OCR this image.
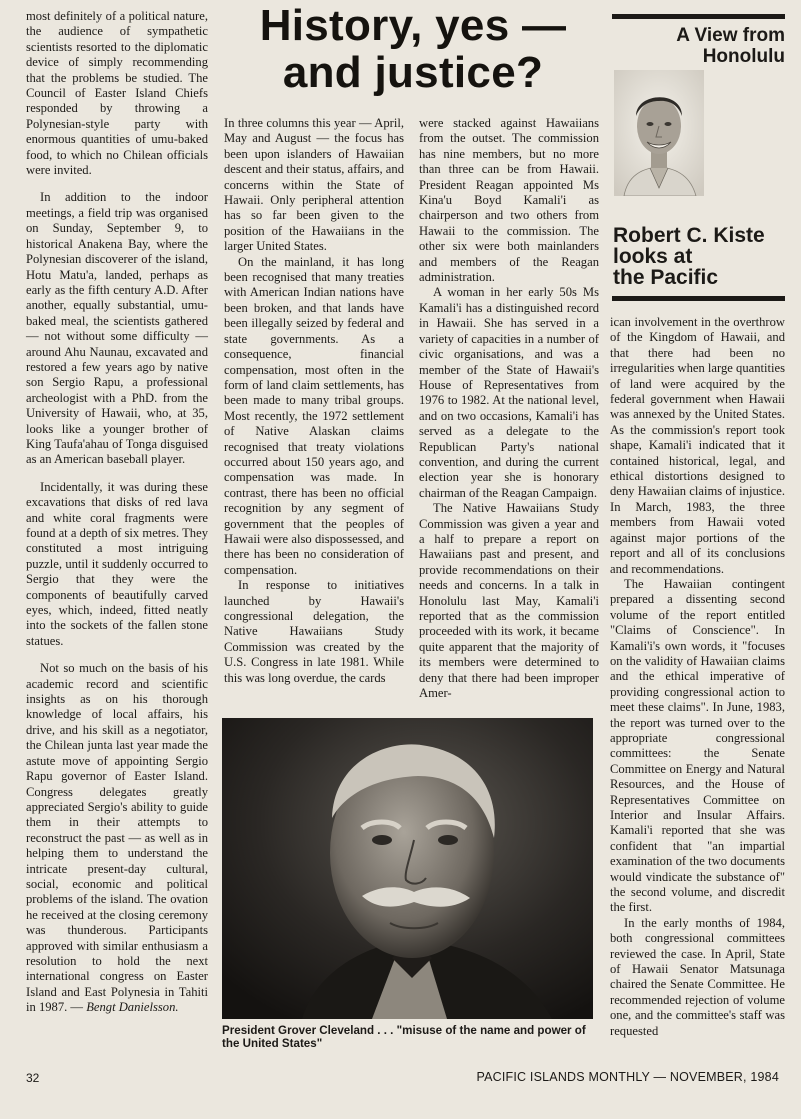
most definitely of a political nature, the audience of sympathetic scientists resorted to the diplomatic device of simply recommending that the problems be studied. The Council of Easter Island Chiefs responded by throwing a Polynesian-style party with enormous quantities of umu-baked food, to which no Chilean officials were invited.

In addition to the indoor meetings, a field trip was organised on Sunday, September 9, to historical Anakena Bay, where the Polynesian discoverer of the island, Hotu Matu'a, landed, perhaps as early as the fifth century A.D. After another, equally substantial, umu-baked meal, the scientists gathered — not without some difficulty — around Ahu Naunau, excavated and restored a few years ago by native son Sergio Rapu, a professional archeologist with a PhD. from the University of Hawaii, who, at 35, looks like a younger brother of King Taufa'ahau of Tonga disguised as an American baseball player.

Incidentally, it was during these excavations that disks of red lava and white coral fragments were found at a depth of six metres. They constituted a most intriguing puzzle, until it suddenly occurred to Sergio that they were the components of beautifully carved eyes, which, indeed, fitted neatly into the sockets of the fallen stone statues.

Not so much on the basis of his academic record and scientific insights as on his thorough knowledge of local affairs, his drive, and his skill as a negotiator, the Chilean junta last year made the astute move of appointing Sergio Rapu governor of Easter Island. Congress delegates greatly appreciated Sergio's ability to guide them in their attempts to reconstruct the past — as well as in helping them to understand the intricate present-day cultural, social, economic and political problems of the island. The ovation he received at the closing ceremony was thunderous. Participants approved with similar enthusiasm a resolution to hold the next international congress on Easter Island and East Polynesia in Tahiti in 1987. — Bengt Danielsson.

History, yes —
and justice?

In three columns this year — April, May and August — the focus has been upon islanders of Hawaiian descent and their status, affairs, and concerns within the State of Hawaii. Only peripheral attention has so far been given to the position of the Hawaiians in the larger United States.

On the mainland, it has long been recognised that many treaties with American Indian nations have been broken, and that lands have been illegally seized by federal and state governments. As a consequence, financial compensation, most often in the form of land claim settlements, has been made to many tribal groups. Most recently, the 1972 settlement of Native Alaskan claims recognised that treaty violations occurred about 150 years ago, and compensation was made. In contrast, there has been no official recognition by any segment of government that the peoples of Hawaii were also dispossessed, and there has been no consideration of compensation.

In response to initiatives launched by Hawaii's congressional delegation, the Native Hawaiians Study Commission was created by the U.S. Congress in late 1981. While this was long overdue, the cards

were stacked against Hawaiians from the outset. The commission has nine members, but no more than three can be from Hawaii. President Reagan appointed Ms Kina'u Boyd Kamali'i as chairperson and two others from Hawaii to the commission. The other six were both mainlanders and members of the Reagan administration.

A woman in her early 50s Ms Kamali'i has a distinguished record in Hawaii. She has served in a variety of capacities in a number of civic organisations, and was a member of the State of Hawaii's House of Representatives from 1976 to 1982. At the national level, and on two occasions, Kamali'i has served as a delegate to the Republican Party's national convention, and during the current election year she is honorary chairman of the Reagan Campaign.

The Native Hawaiians Study Commission was given a year and a half to prepare a report on Hawaiians past and present, and provide recommendations on their needs and concerns. In a talk in Honolulu last May, Kamali'i reported that as the commission proceeded with its work, it became quite apparent that the majority of its members were determined to deny that there had been improper Amer-

A View from
Honolulu
Robert C. Kiste
looks at
the Pacific

ican involvement in the overthrow of the Kingdom of Hawaii, and that there had been no irregularities when large quantities of land were acquired by the federal government when Hawaii was annexed by the United States. As the commission's report took shape, Kamali'i indicated that it contained historical, legal, and ethical distortions designed to deny Hawaiian claims of injustice. In March, 1983, the three members from Hawaii voted against major portions of the report and all of its conclusions and recommendations.

The Hawaiian contingent prepared a dissenting second volume of the report entitled "Claims of Conscience". In Kamali'i's own words, it "focuses on the validity of Hawaiian claims and the ethical imperative of providing congressional action to meet these claims". In June, 1983, the report was turned over to the appropriate congressional committees: the Senate Committee on Energy and Natural Resources, and the House of Representatives Committee on Interior and Insular Affairs. Kamali'i reported that she was confident that "an impartial examination of the two documents would vindicate the substance of" the second volume, and discredit the first.

In the early months of 1984, both congressional committees reviewed the case. In April, State of Hawaii Senator Matsunaga chaired the Senate Committee. He recommended rejection of volume one, and the committee's staff was requested

President Grover Cleveland . . . "misuse of the name and power of the United States"
32	PACIFIC ISLANDS MONTHLY — NOVEMBER, 1984
